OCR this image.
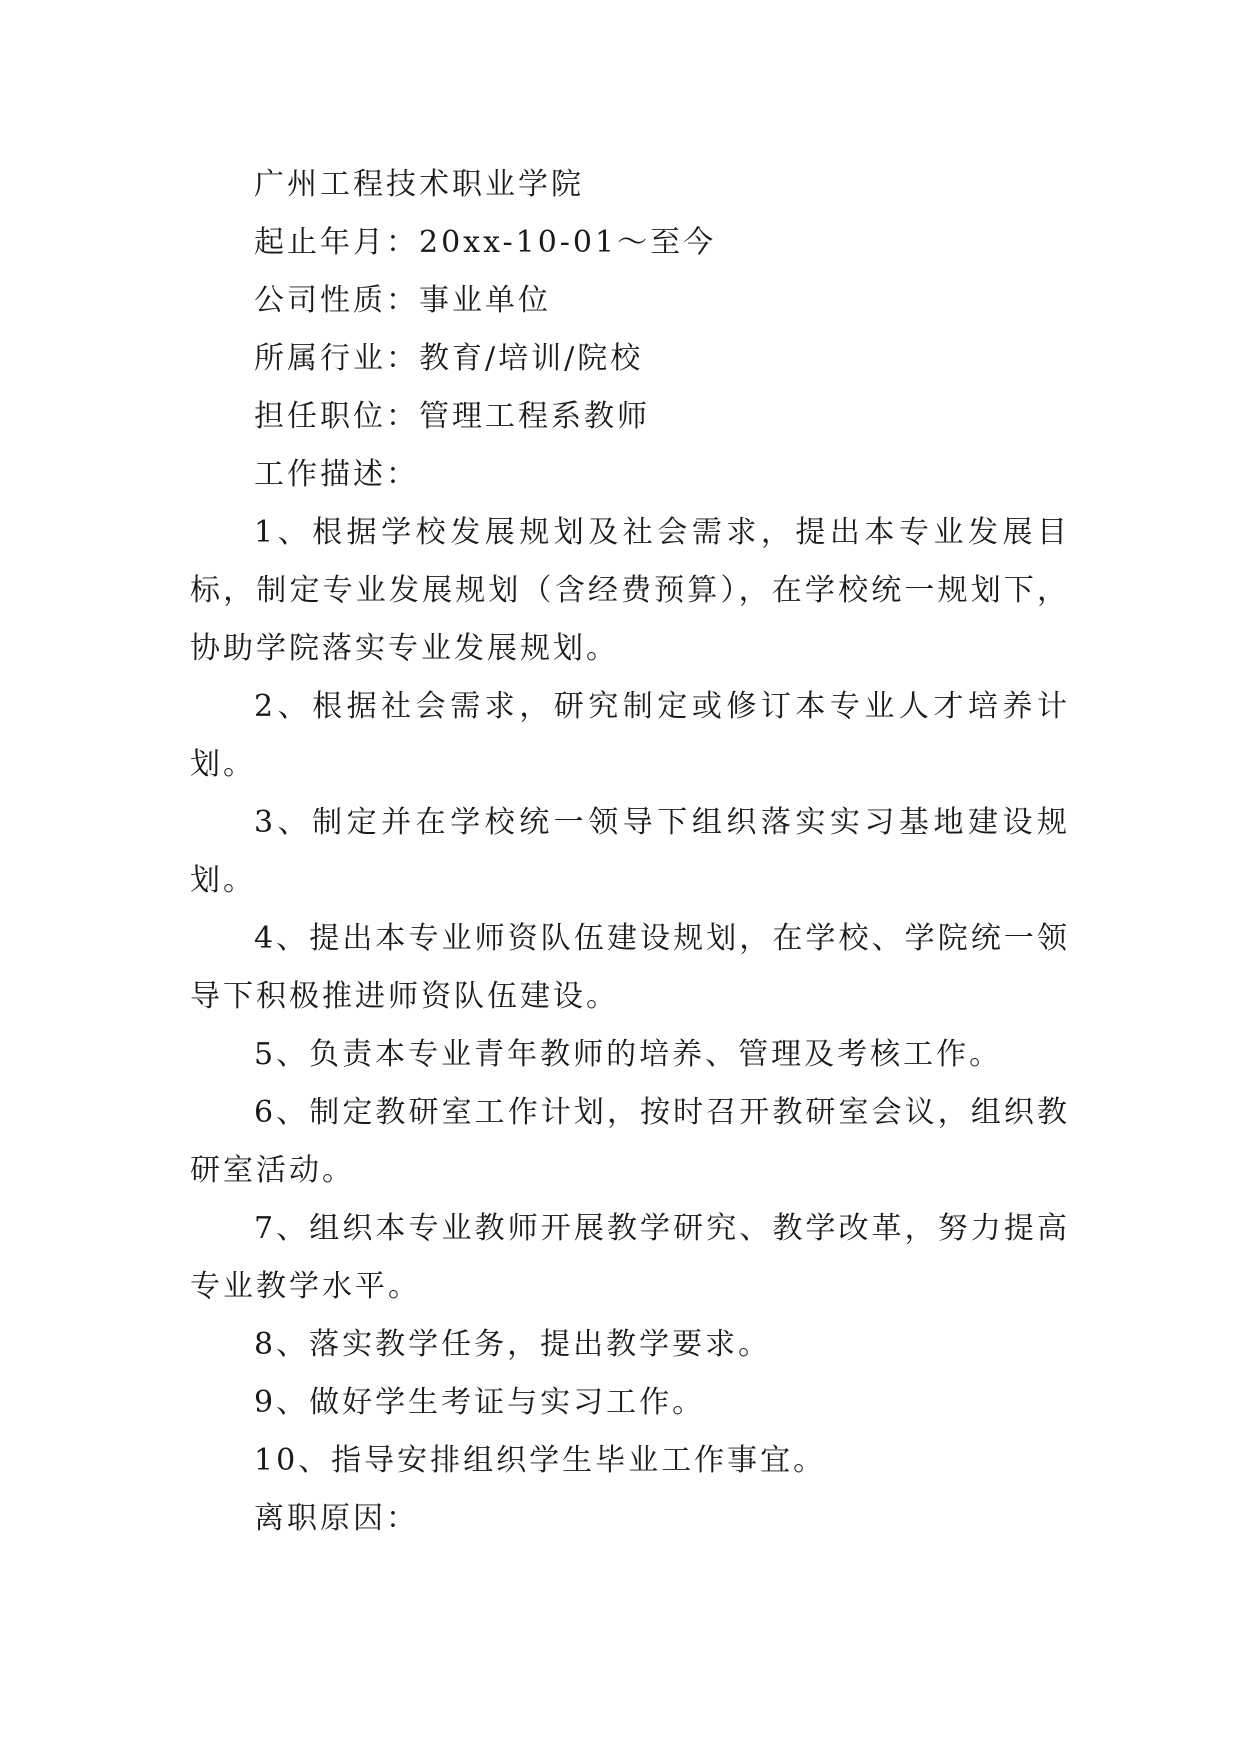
广州工程技术职业学院

起止年月：20xx-10-01～至今

公司性质：事业单位

所属行业：教育/培训/院校

担任职位：管理工程系教师

工作描述：

1、根据学校发展规划及社会需求，提出本专业发展目标，制定专业发展规划（含经费预算），在学校统一规划下，协助学院落实专业发展规划。

2、根据社会需求，研究制定或修订本专业人才培养计划。

3、制定并在学校统一领导下组织落实实习基地建设规划。

4、提出本专业师资队伍建设规划，在学校、学院统一领导下积极推进师资队伍建设。

5、负责本专业青年教师的培养、管理及考核工作。

6、制定教研室工作计划，按时召开教研室会议，组织教研室活动。

7、组织本专业教师开展教学研究、教学改革，努力提高专业教学水平。

8、落实教学任务，提出教学要求。

9、做好学生考证与实习工作。

10、指导安排组织学生毕业工作事宜。

离职原因：
